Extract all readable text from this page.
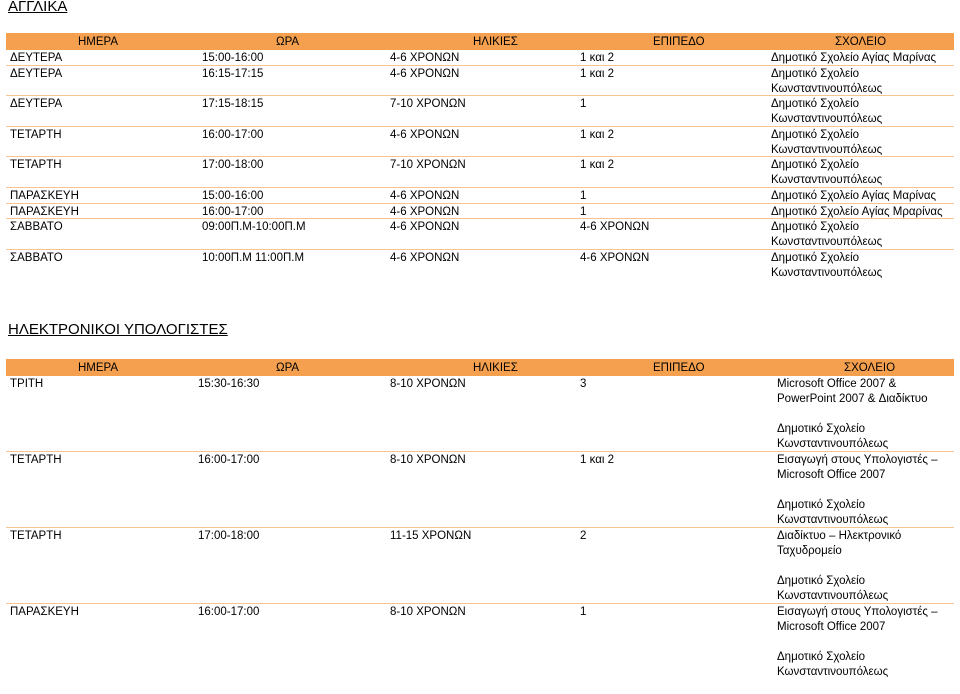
ΑΓΓΛΙΚΑ
ΗΜΕΡΑ	ΩΡΑ	ΗΛΙΚΙΕΣ	ΕΠΙΠΕΔΟ	ΣΧΟΛΕΙΟ
ΔΕΥΤΕΡΑ	15:00-16:00	4-6 ΧΡΟΝΩΝ	1 και 2	Δημοτικό Σχολείο Αγίας Μαρίνας
ΔΕΥΤΕΡΑ	16:15-17:15	4-6 ΧΡΟΝΩΝ	1 και 2	Δημοτικό Σχολείο
Κωνσταντινουπόλεως
ΔΕΥΤΕΡΑ	17:15-18:15	7-10 ΧΡΟΝΩΝ	1	Δημοτικό Σχολείο
Κωνσταντινουπόλεως
ΤΕΤΑΡΤΗ	16:00-17:00	4-6 ΧΡΟΝΩΝ	1 και 2	Δημοτικό Σχολείο
Κωνσταντινουπόλεως
ΤΕΤΑΡΤΗ	17:00-18:00	7-10 ΧΡΟΝΩΝ	1 και 2	Δημοτικό Σχολείο
Κωνσταντινουπόλεως
ΠΑΡΑΣΚΕΥΗ	15:00-16:00	4-6 ΧΡΟΝΩΝ	1	Δημοτικό Σχολείο Αγίας Μαρίνας
ΠΑΡΑΣΚΕΥΗ	16:00-17:00	4-6 ΧΡΟΝΩΝ	1	Δημοτικό Σχολείο Αγίας Μραρίνας
ΣΑΒΒΑΤΟ	09:00Π.Μ-10:00Π.Μ	4-6 ΧΡΟΝΩΝ	4-6 ΧΡΟΝΩΝ	Δημοτικό Σχολείο
Κωνσταντινουπόλεως
ΣΑΒΒΑΤΟ	10:00Π.Μ 11:00Π.Μ	4-6 ΧΡΟΝΩΝ	4-6 ΧΡΟΝΩΝ	Δημοτικό Σχολείο
Κωνσταντινουπόλεως
ΗΛΕΚΤΡΟΝΙΚΟΙ ΥΠΟΛΟΓΙΣΤΕΣ
ΗΜΕΡΑ	ΩΡΑ	ΗΛΙΚΙΕΣ	ΕΠΙΠΕΔΟ	ΣΧΟΛΕΙΟ
ΤΡΙΤΗ	15:30-16:30	8-10 ΧΡΟΝΩΝ	3	Microsoft Office 2007 &
PowerPoint 2007 & Διαδίκτυο
Δημοτικό Σχολείο
Κωνσταντινουπόλεως
ΤΕΤΑΡΤΗ	16:00-17:00	8-10 ΧΡΟΝΩΝ	1 και 2	Εισαγωγή στους Υπολογιστές –
Microsoft Office 2007
Δημοτικό Σχολείο
Κωνσταντινουπόλεως
ΤΕΤΑΡΤΗ	17:00-18:00	11-15 ΧΡΟΝΩΝ	2	Διαδίκτυο – Ηλεκτρονικό
Ταχυδρομείο
Δημοτικό Σχολείο
Κωνσταντινουπόλεως
ΠΑΡΑΣΚΕΥΗ	16:00-17:00	8-10 ΧΡΟΝΩΝ	1	Εισαγωγή στους Υπολογιστές –
Microsoft Office 2007
Δημοτικό Σχολείο
Κωνσταντινουπόλεως
